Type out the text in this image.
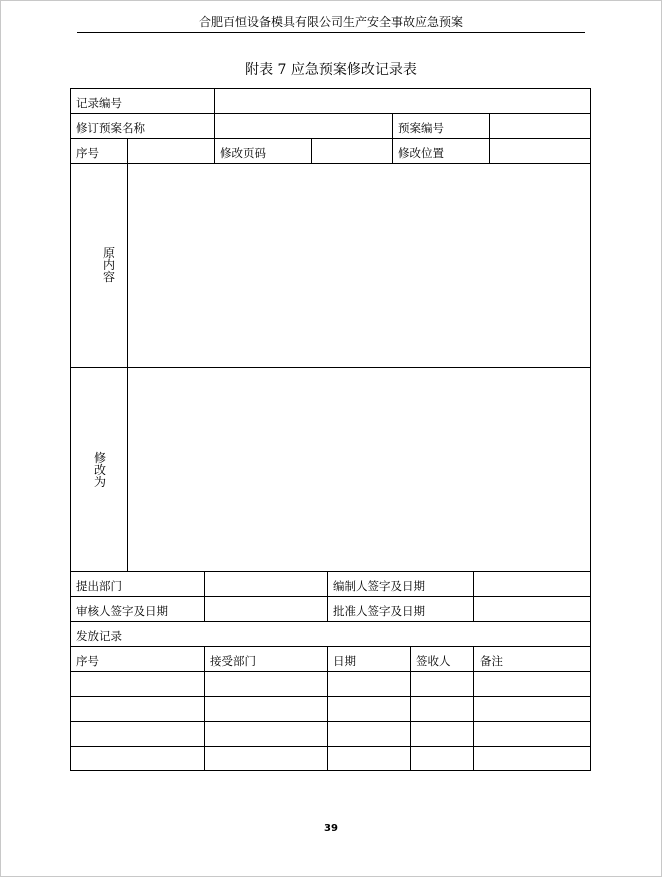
合肥百恒设备模具有限公司生产安全事故应急预案
附表 7 应急预案修改记录表
记录编号
修订预案名称	预案编号
序号	修改页码	修改位置
原内容
修改为
提出部门	编制人签字及日期
审核人签字及日期	批准人签字及日期
发放记录
序号	接受部门	日期	签收人	备注
39
